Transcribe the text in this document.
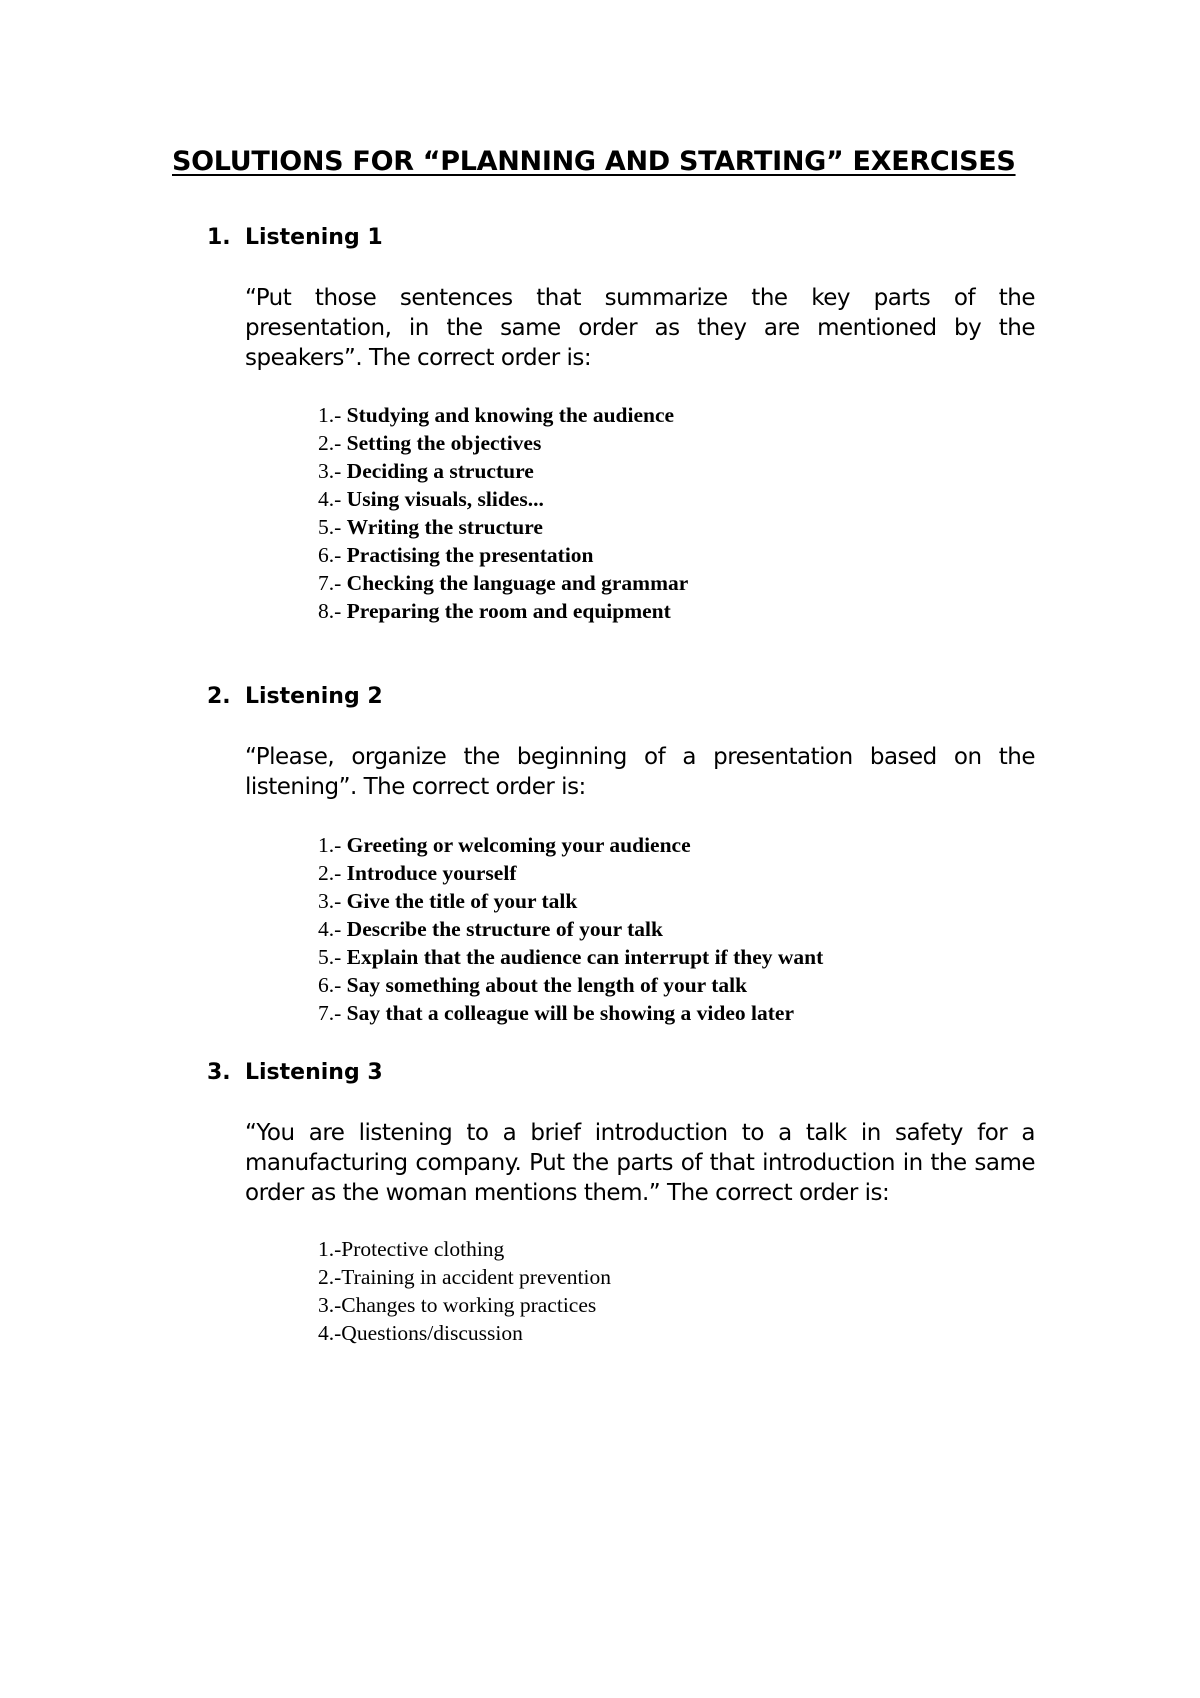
SOLUTIONS FOR “PLANNING AND STARTING” EXERCISES
1. Listening 1
“Put those sentences that summarize the key parts of the presentation, in the same order as they are mentioned by the speakers”. The correct order is:
1.- Studying and knowing the audience
2.- Setting the objectives
3.- Deciding a structure
4.- Using visuals, slides...
5.- Writing the structure
6.- Practising the presentation
7.- Checking the language and grammar
8.- Preparing the room and equipment
2. Listening 2
“Please, organize the beginning of a presentation based on the listening”. The correct order is:
1.- Greeting or welcoming your audience
2.- Introduce yourself
3.- Give the title of your talk
4.- Describe the structure of your talk
5.- Explain that the audience can interrupt if they want
6.- Say something about the length of your talk
7.- Say that a colleague will be showing a video later
3. Listening 3
“You are listening to a brief introduction to a talk in safety for a manufacturing company. Put the parts of that introduction in the same order as the woman mentions them.” The correct order is:
1.-Protective clothing
2.-Training in accident prevention
3.-Changes to working practices
4.-Questions/discussion
